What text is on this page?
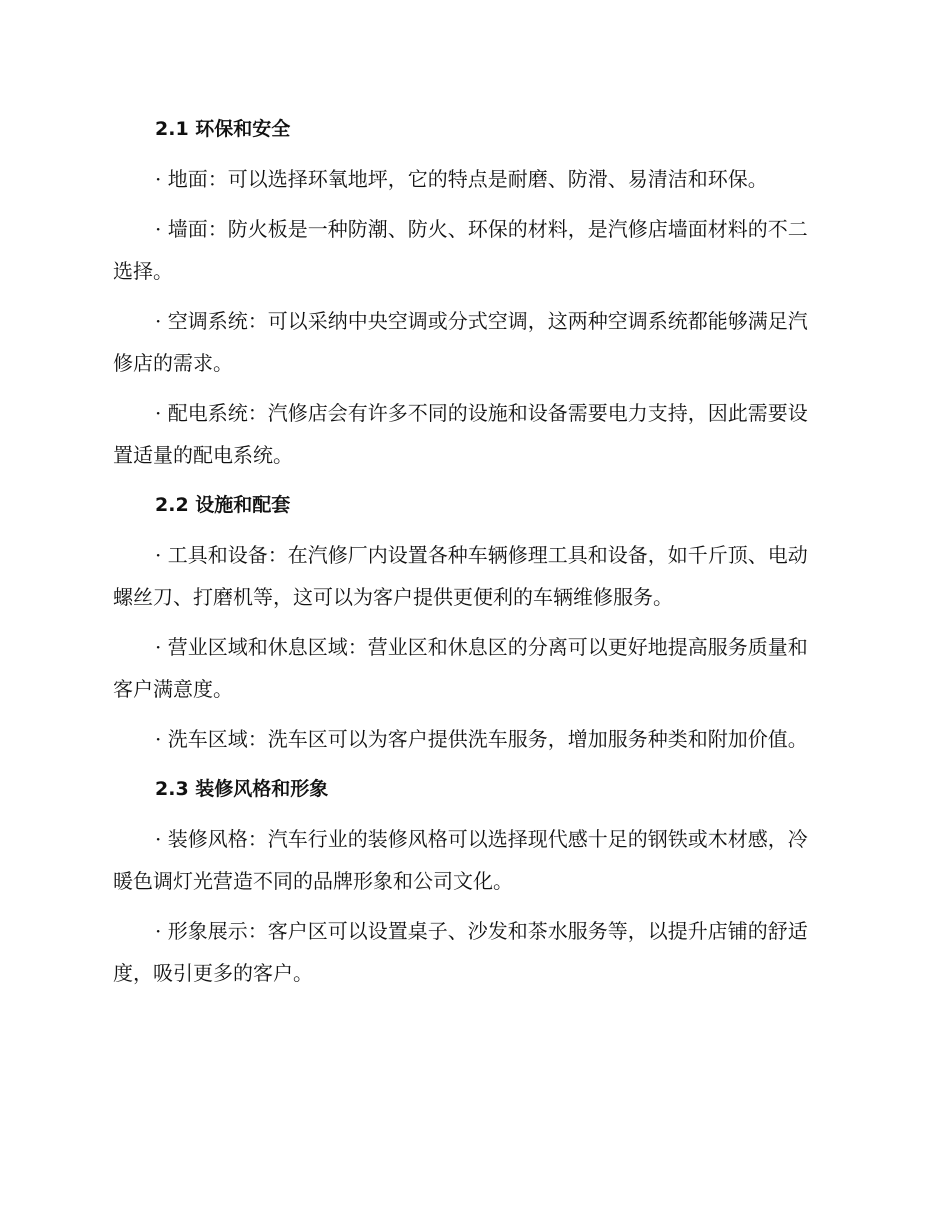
2.1 环保和安全

· 地面：可以选择环氧地坪，它的特点是耐磨、防滑、易清洁和环保。

· 墙面：防火板是一种防潮、防火、环保的材料，是汽修店墙面材料的不二选择。

· 空调系统：可以采纳中央空调或分式空调，这两种空调系统都能够满足汽修店的需求。

· 配电系统：汽修店会有许多不同的设施和设备需要电力支持，因此需要设置适量的配电系统。

2.2 设施和配套

· 工具和设备：在汽修厂内设置各种车辆修理工具和设备，如千斤顶、电动螺丝刀、打磨机等，这可以为客户提供更便利的车辆维修服务。

· 营业区域和休息区域：营业区和休息区的分离可以更好地提高服务质量和客户满意度。

· 洗车区域：洗车区可以为客户提供洗车服务，增加服务种类和附加价值。

2.3 装修风格和形象

· 装修风格：汽车行业的装修风格可以选择现代感十足的钢铁或木材感，冷暖色调灯光营造不同的品牌形象和公司文化。

· 形象展示：客户区可以设置桌子、沙发和茶水服务等，以提升店铺的舒适度，吸引更多的客户。
